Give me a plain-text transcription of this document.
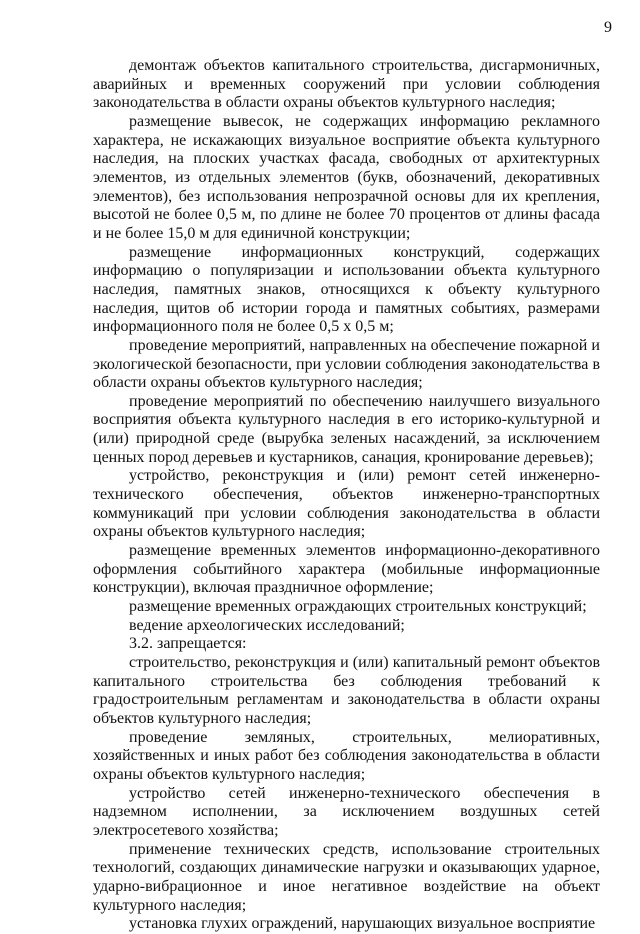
9

демонтаж объектов капитального строительства, дисгармоничных, аварийных и временных сооружений при условии соблюдения законодательства в области охраны объектов культурного наследия;

размещение вывесок, не содержащих информацию рекламного характера, не искажающих визуальное восприятие объекта культурного наследия, на плоских участках фасада, свободных от архитектурных элементов, из отдельных элементов (букв, обозначений, декоративных элементов), без использования непрозрачной основы для их крепления, высотой не более 0,5 м, по длине не более 70 процентов от длины фасада и не более 15,0 м для единичной конструкции;

размещение информационных конструкций, содержащих информацию о популяризации и использовании объекта культурного наследия, памятных знаков, относящихся к объекту культурного наследия, щитов об истории города и памятных событиях, размерами информационного поля не более 0,5 х 0,5 м;

проведение мероприятий, направленных на обеспечение пожарной и экологической безопасности, при условии соблюдения законодательства в области охраны объектов культурного наследия;

проведение мероприятий по обеспечению наилучшего визуального восприятия объекта культурного наследия в его историко-культурной и (или) природной среде (вырубка зеленых насаждений, за исключением ценных пород деревьев и кустарников, санация, кронирование деревьев);

устройство, реконструкция и (или) ремонт сетей инженерно-технического обеспечения, объектов инженерно-транспортных коммуникаций при условии соблюдения законодательства в области охраны объектов культурного наследия;

размещение временных элементов информационно-декоративного оформления событийного характера (мобильные информационные конструкции), включая праздничное оформление;

размещение временных ограждающих строительных конструкций;

ведение археологических исследований;

3.2. запрещается:

строительство, реконструкция и (или) капитальный ремонт объектов капитального строительства без соблюдения требований к градостроительным регламентам и законодательства в области охраны объектов культурного наследия;

проведение земляных, строительных, мелиоративных, хозяйственных и иных работ без соблюдения законодательства в области охраны объектов культурного наследия;

устройство сетей инженерно-технического обеспечения в надземном исполнении, за исключением воздушных сетей электросетевого хозяйства;

применение технических средств, использование строительных технологий, создающих динамические нагрузки и оказывающих ударное, ударно-вибрационное и иное негативное воздействие на объект культурного наследия;

установка глухих ограждений, нарушающих визуальное восприятие
